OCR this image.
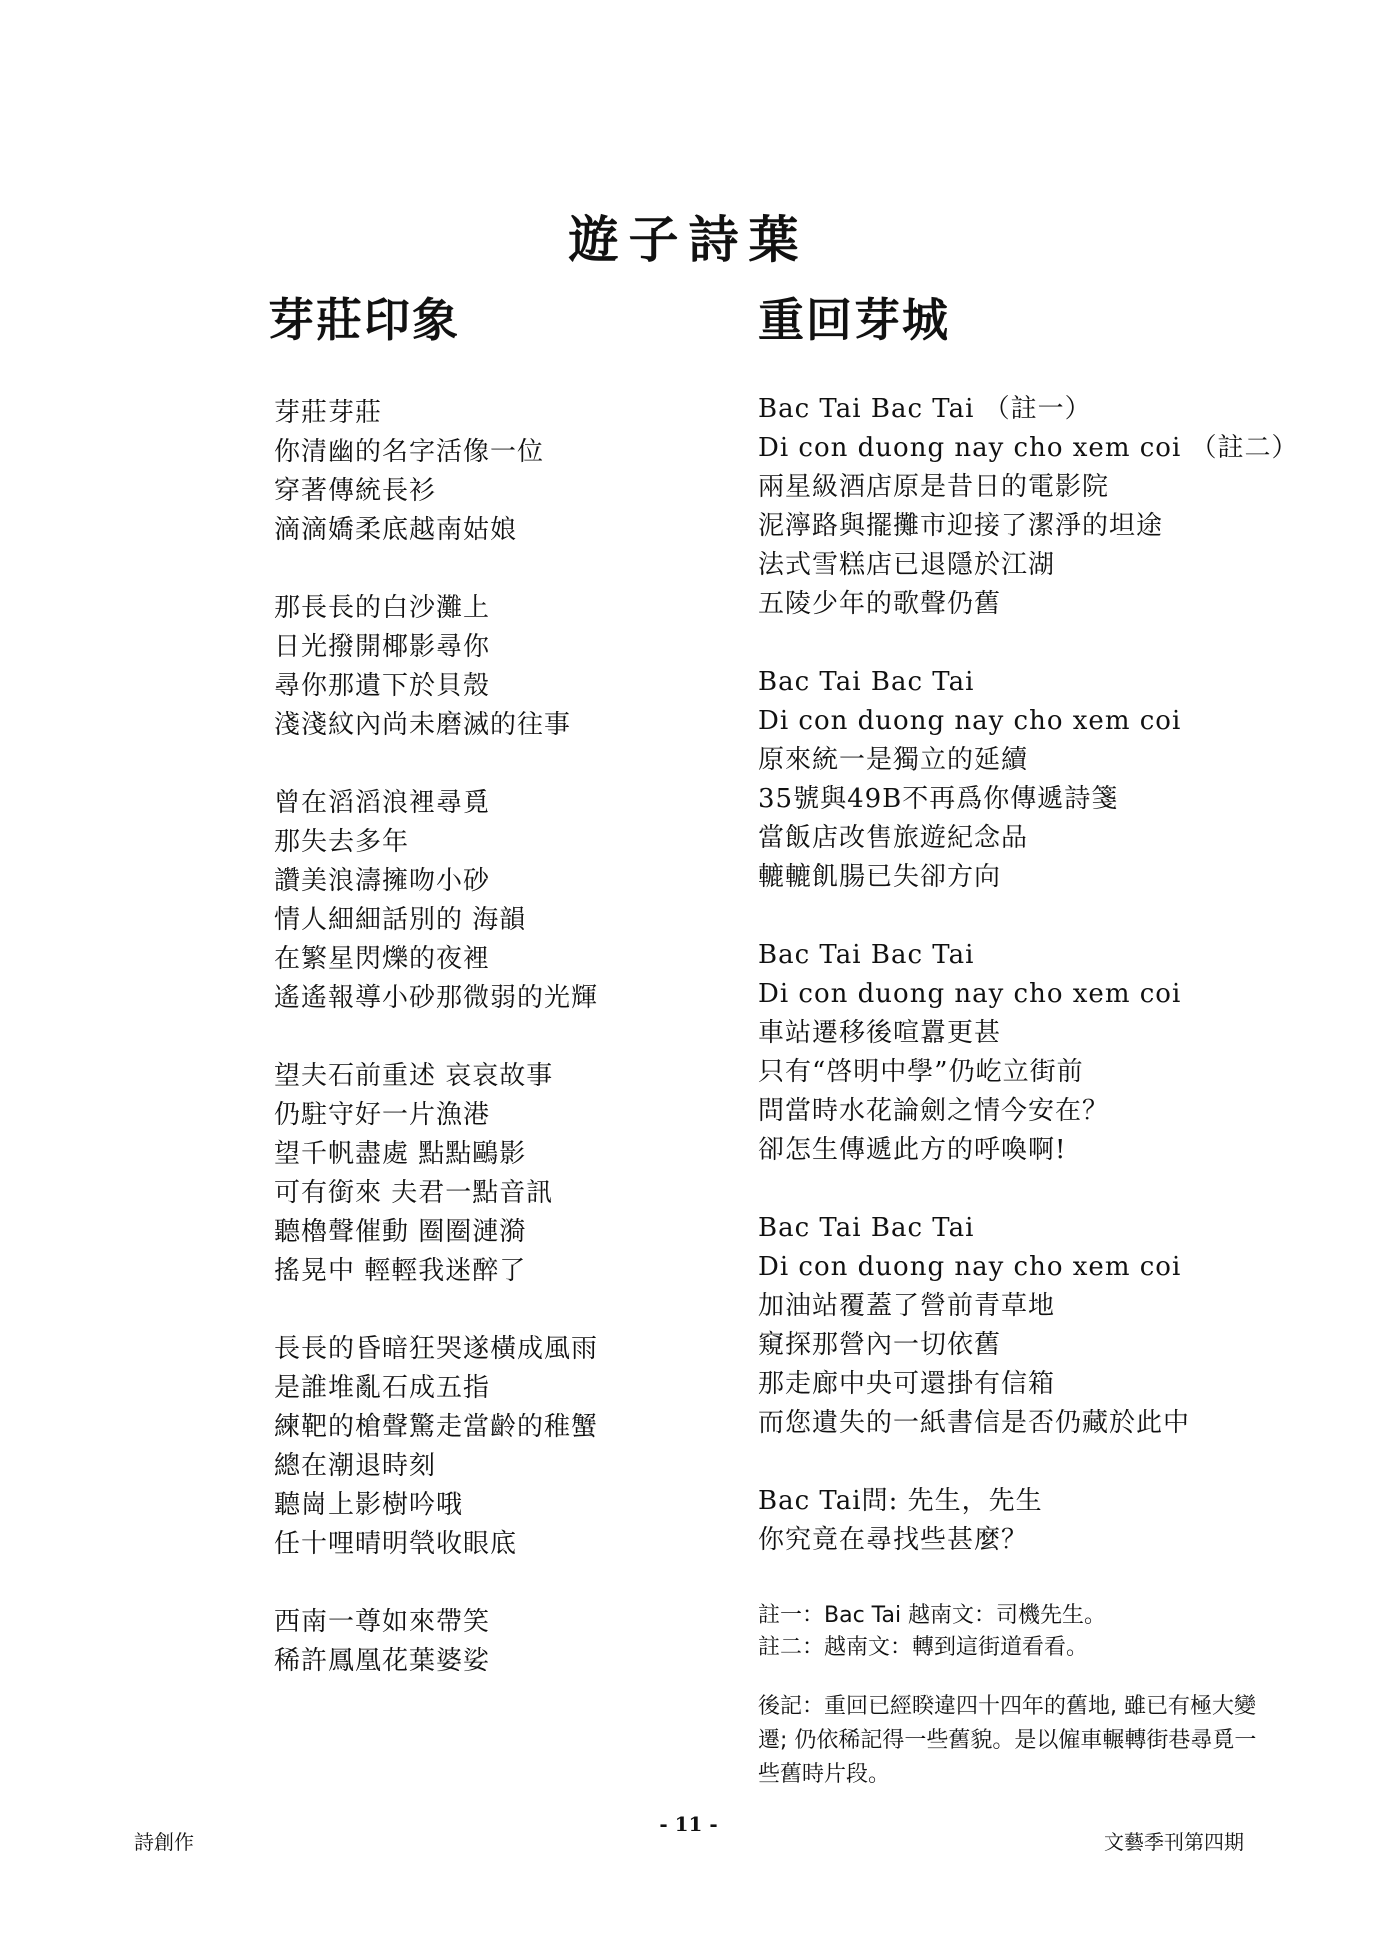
遊子詩葉
芽莊印象
芽莊芽莊
你清幽的名字活像一位
穿著傳統長衫
滴滴嬌柔底越南姑娘
那長長的白沙灘上
日光撥開椰影尋你
尋你那遺下於貝殼
淺淺紋內尚未磨滅的往事
曾在滔滔浪裡尋覓
那失去多年
讚美浪濤擁吻小砂
情人細細話別的 海韻
在繁星閃爍的夜裡
遙遙報導小砂那微弱的光輝
望夫石前重述 哀哀故事
仍駐守好一片漁港
望千帆盡處 點點鷗影
可有銜來 夫君一點音訊
聽櫓聲催動 圈圈漣漪
搖晃中 輕輕我迷醉了
長長的昏暗狂哭遂橫成風雨
是誰堆亂石成五指
練靶的槍聲驚走當齡的稚蟹
總在潮退時刻
聽崗上影樹吟哦
任十哩晴明煢收眼底
西南一尊如來帶笑
稀許鳳凰花葉婆娑
重回芽城
Bac Tai Bac Tai （註一）
Di con duong nay cho xem coi （註二）
兩星級酒店原是昔日的電影院
泥濘路與擺攤市迎接了潔淨的坦途
法式雪糕店已退隱於江湖
五陵少年的歌聲仍舊
Bac Tai Bac Tai
Di con duong nay cho xem coi
原來統一是獨立的延續
35號與49B不再爲你傳遞詩箋
當飯店改售旅遊紀念品
轆轆飢腸已失卻方向
Bac Tai Bac Tai
Di con duong nay cho xem coi
車站遷移後喧囂更甚
只有“啓明中學”仍屹立街前
問當時水花論劍之情今安在？
卻怎生傳遞此方的呼喚啊!
Bac Tai Bac Tai
Di con duong nay cho xem coi
加油站覆蓋了營前青草地
窺探那營內一切依舊
那走廊中央可還掛有信箱
而您遺失的一紙書信是否仍藏於此中
Bac Tai問: 先生，先生
你究竟在尋找些甚麼？
註一：Bac Tai 越南文：司機先生。
註二：越南文：轉到這街道看看。
後記：重回已經睽違四十四年的舊地, 雖已有極大變遷; 仍依稀記得一些舊貌。是以僱車輾轉街巷尋覓一些舊時片段。
詩創作
- 11 -
文藝季刊第四期
